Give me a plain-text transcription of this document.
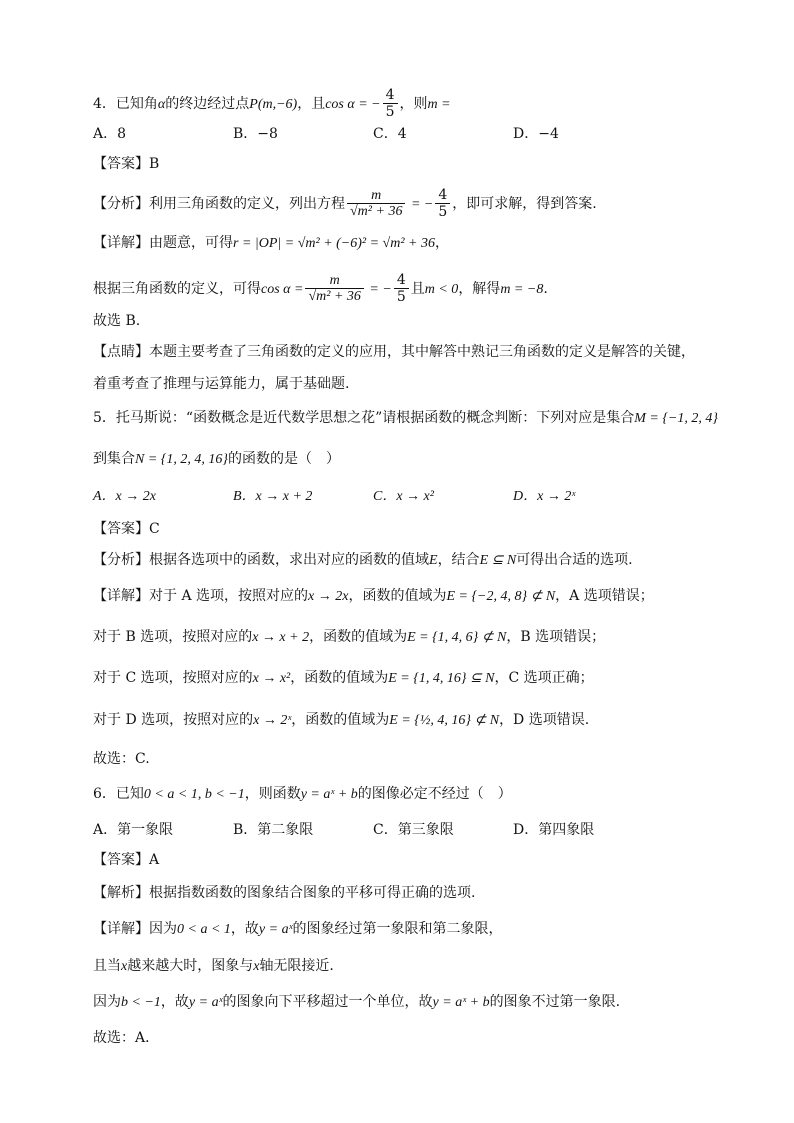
4．已知角α的终边经过点P(m,−6)，且cos α = − $\frac{4}{5}$ ，则m =
A．8	B．−8	C．4	D．−4
【答案】B
【分析】利用三角函数的定义，列出方程 $\frac{m}{\text{√m² + 36}}$ = − $\frac{4}{5}$ ，即可求解，得到答案.
【详解】由题意，可得r = |OP| = √m² + (−6)² = √m² + 36，
根据三角函数的定义，可得$\cos \alpha = \frac{m}{\text{√m² + 36}}$ = − $\frac{4}{5}$ 且m < 0，解得m = −8.
故选 B.
【点睛】本题主要考查了三角函数的定义的应用，其中解答中熟记三角函数的定义是解答的关键，
着重考查了推理与运算能力，属于基础题.
5．托马斯说：“函数概念是近代数学思想之花”请根据函数的概念判断：下列对应是集合M = {−1, 2, 4}
到集合N = {1, 2, 4, 16}的函数的是（　）
A．x → 2x	B．x → x + 2	C．x → x²	D．x → 2ˣ
【答案】C
【分析】根据各选项中的函数，求出对应的函数的值域E，结合E ⊆ N可得出合适的选项.
【详解】对于 A 选项，按照对应的x → 2x，函数的值域为E = {−2, 4, 8} ⊄ N，A 选项错误；
对于 B 选项，按照对应的x → x + 2，函数的值域为E = {1, 4, 6} ⊄ N，B 选项错误；
对于 C 选项，按照对应的x → x²，函数的值域为E = {1, 4, 16} ⊆ N，C 选项正确；
对于 D 选项，按照对应的x → 2ˣ，函数的值域为E = {½, 4, 16} ⊄ N，D 选项错误.
故选：C.
6．已知0 < a < 1, b < −1，则函数y = aˣ + b的图像必定不经过（　）
A．第一象限	B．第二象限	C．第三象限	D．第四象限
【答案】A
【解析】根据指数函数的图象结合图象的平移可得正确的选项.
【详解】因为0 < a < 1，故y = aˣ的图象经过第一象限和第二象限，
且当x越来越大时，图象与x轴无限接近.
因为b < −1，故y = aˣ的图象向下平移超过一个单位，故y = aˣ + b的图象不过第一象限.
故选：A．
